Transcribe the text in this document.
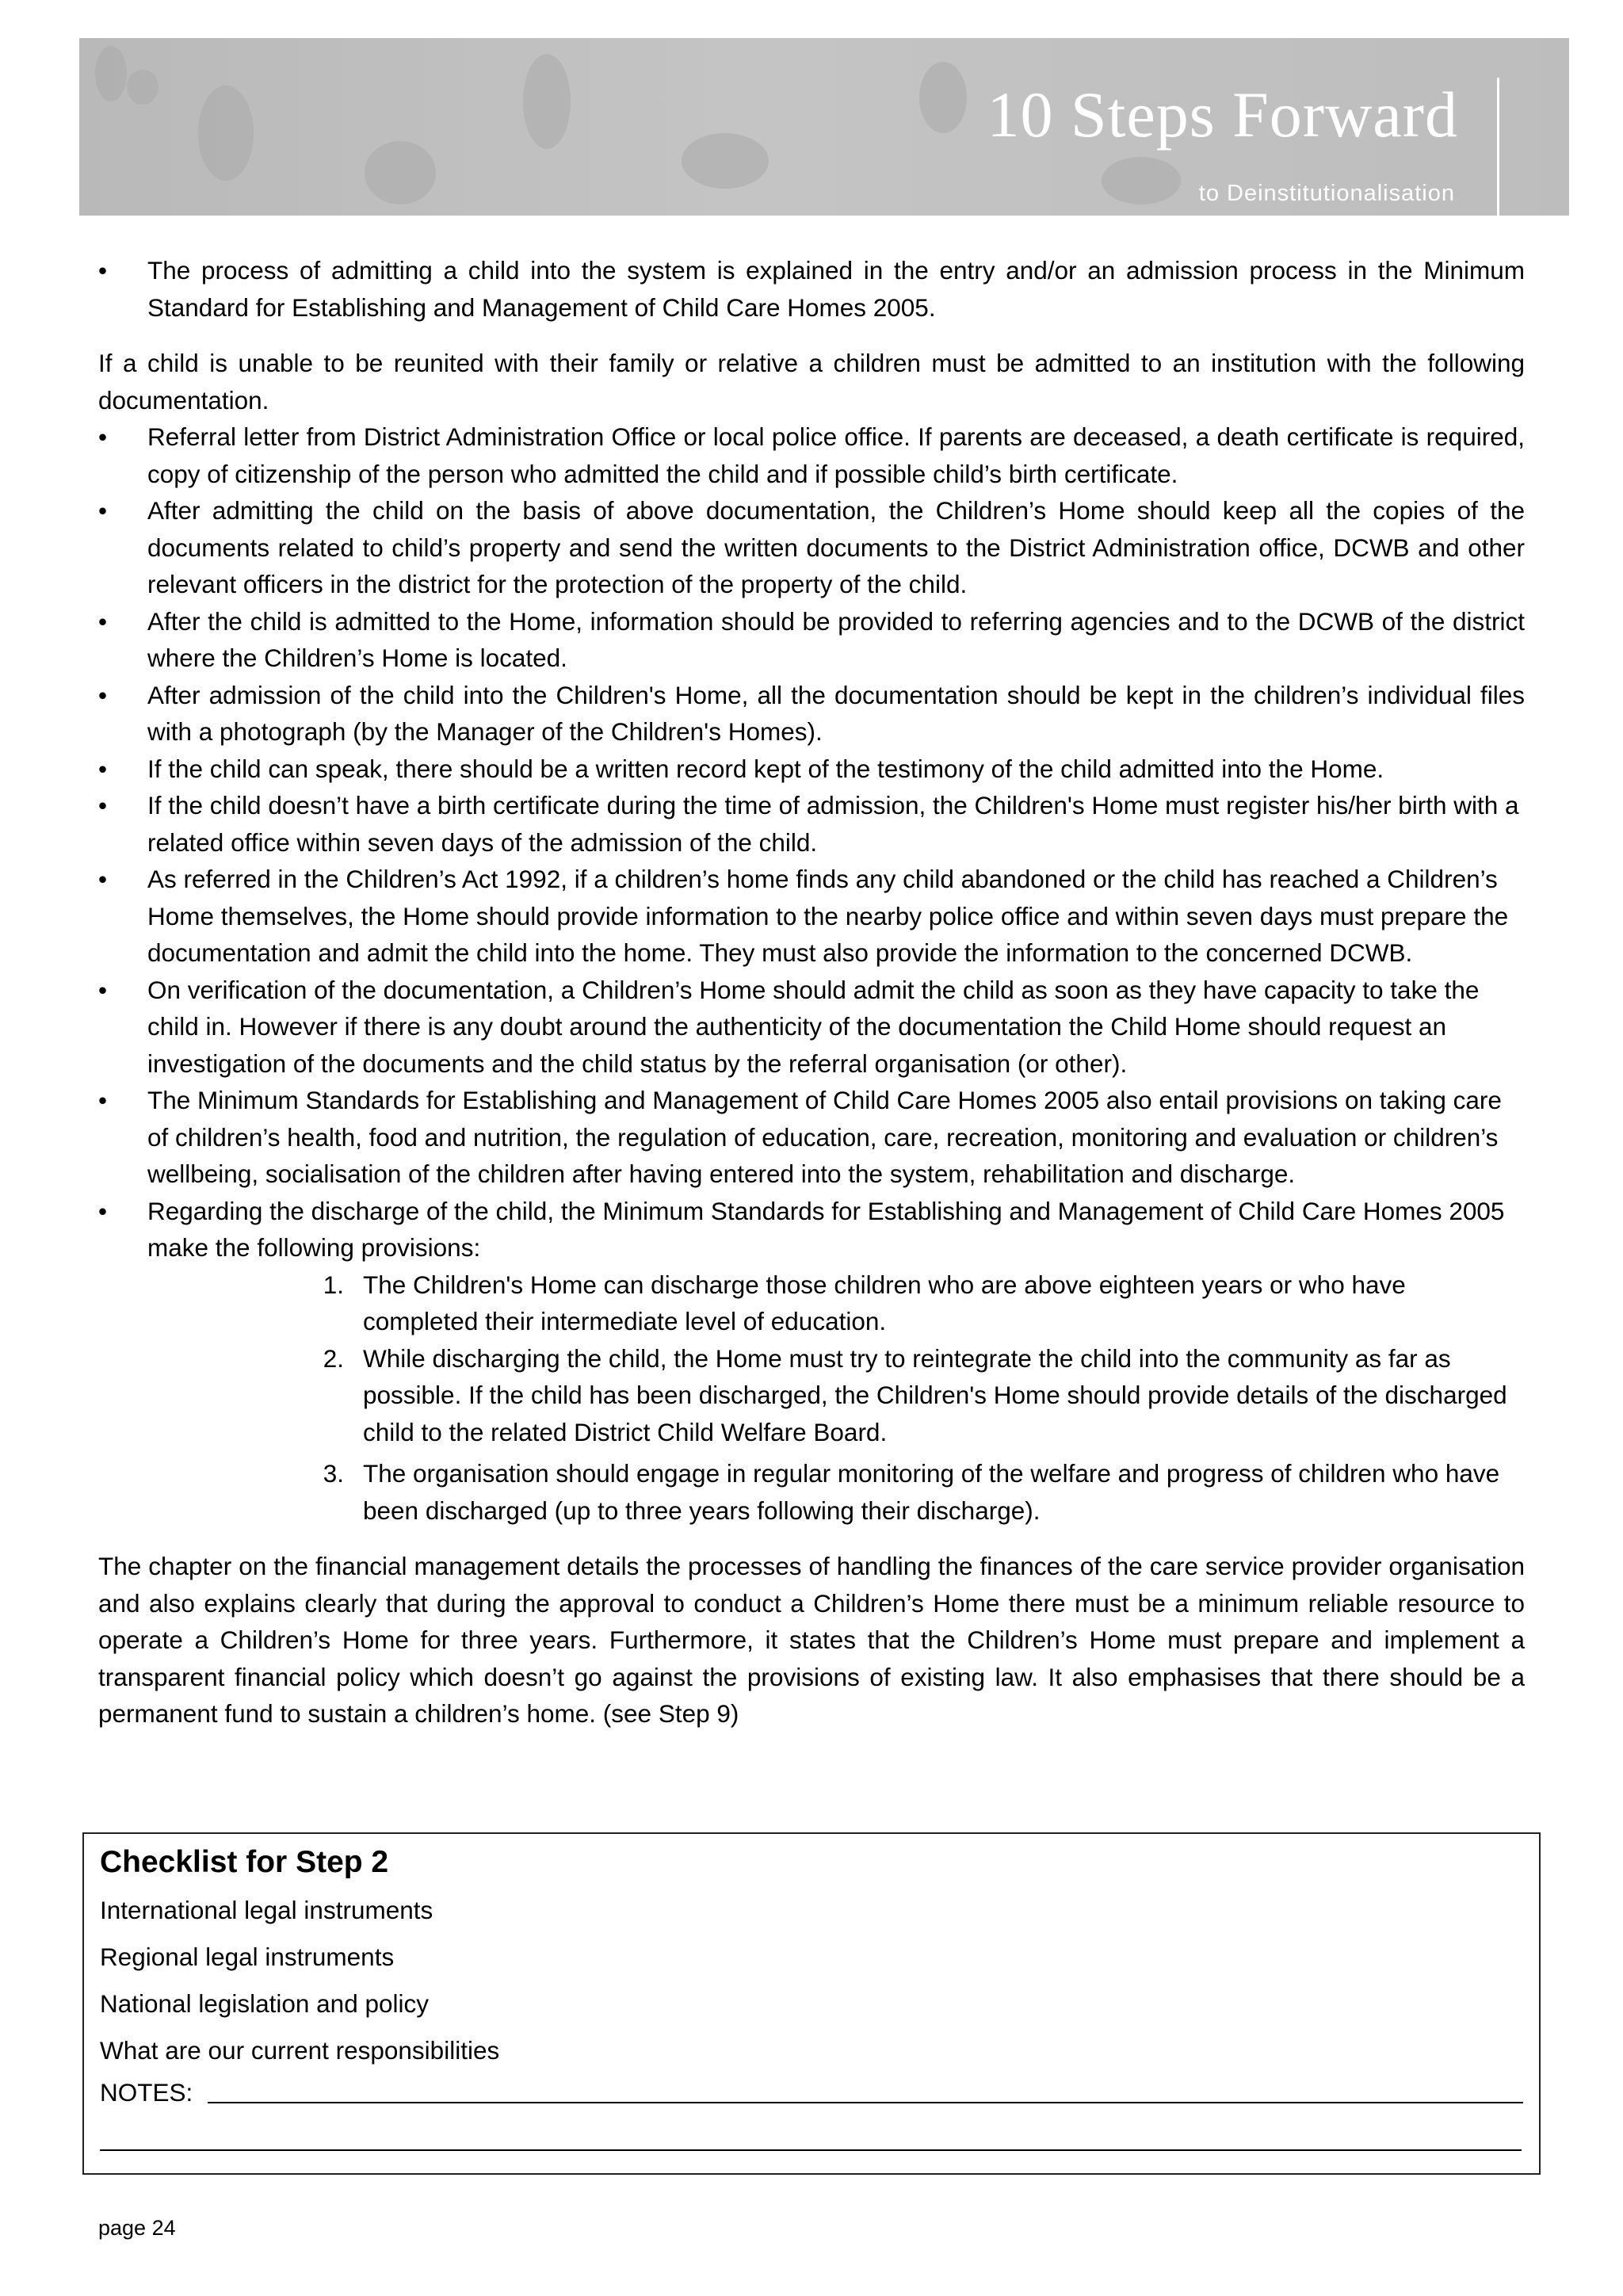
10 Steps Forward
to Deinstitutionalisation
•	The process of admitting a child into the system is explained in the entry and/or an admission process in the Minimum Standard for Establishing and Management of Child Care Homes 2005.

If a child is unable to be reunited with their family or relative a children must be admitted to an institution with the following documentation.

•	Referral letter from District Administration Office or local police office. If parents are deceased, a death certificate is required, copy of citizenship of the person who admitted the child and if possible child’s birth certificate.
•	After admitting the child on the basis of above documentation, the Children’s Home should keep all the copies of the documents related to child’s property and send the written documents to the District Administration office, DCWB and other relevant officers in the district for the protection of the property of the child.
•	After the child is admitted to the Home, information should be provided to referring agencies and to the DCWB of the district where the Children’s Home is located.
•	After admission of the child into the Children's Home, all the documentation should be kept in the children’s individual files with a photograph (by the Manager of the Children's Homes).
•	If the child can speak, there should be a written record kept of the testimony of the child admitted into the Home.
•	If the child doesn’t have a birth certificate during the time of admission, the Children's Home must register his/her birth with a related office within seven days of the admission of the child.
•	As referred in the Children’s Act 1992, if a children’s home finds any child abandoned or the child has reached a Children’s Home themselves, the Home should provide information to the nearby police office and within seven days must prepare the documentation and admit the child into the home. They must also provide the information to the concerned DCWB.
•	On verification of the documentation, a Children’s Home should admit the child as soon as they have capacity to take the child in. However if there is any doubt around the authenticity of the documentation the Child Home should request an investigation of the documents and the child status by the referral organisation (or other).
•	The Minimum Standards for Establishing and Management of Child Care Homes 2005 also entail provisions on taking care of children’s health, food and nutrition, the regulation of education, care, recreation, monitoring and evaluation or children’s wellbeing, socialisation of the children after having entered into the system, rehabilitation and discharge.
•	Regarding the discharge of the child, the Minimum Standards for Establishing and Management of Child Care Homes 2005 make the following provisions:
1. The Children's Home can discharge those children who are above eighteen years or who have completed their intermediate level of education.
2. While discharging the child, the Home must try to reintegrate the child into the community as far as possible. If the child has been discharged, the Children's Home should provide details of the discharged child to the related District Child Welfare Board.
3. The organisation should engage in regular monitoring of the welfare and progress of children who have been discharged (up to three years following their discharge).

The chapter on the financial management details the processes of handling the finances of the care service provider organisation and also explains clearly that during the approval to conduct a Children’s Home there must be a minimum reliable resource to operate a Children’s Home for three years. Furthermore, it states that the Children’s Home must prepare and implement a transparent financial policy which doesn’t go against the provisions of existing law. It also emphasises that there should be a permanent fund to sustain a children’s home. (see Step 9)

Checklist for Step 2
International legal instruments
Regional legal instruments
National legislation and policy
What are our current responsibilities
NOTES:
page 24
